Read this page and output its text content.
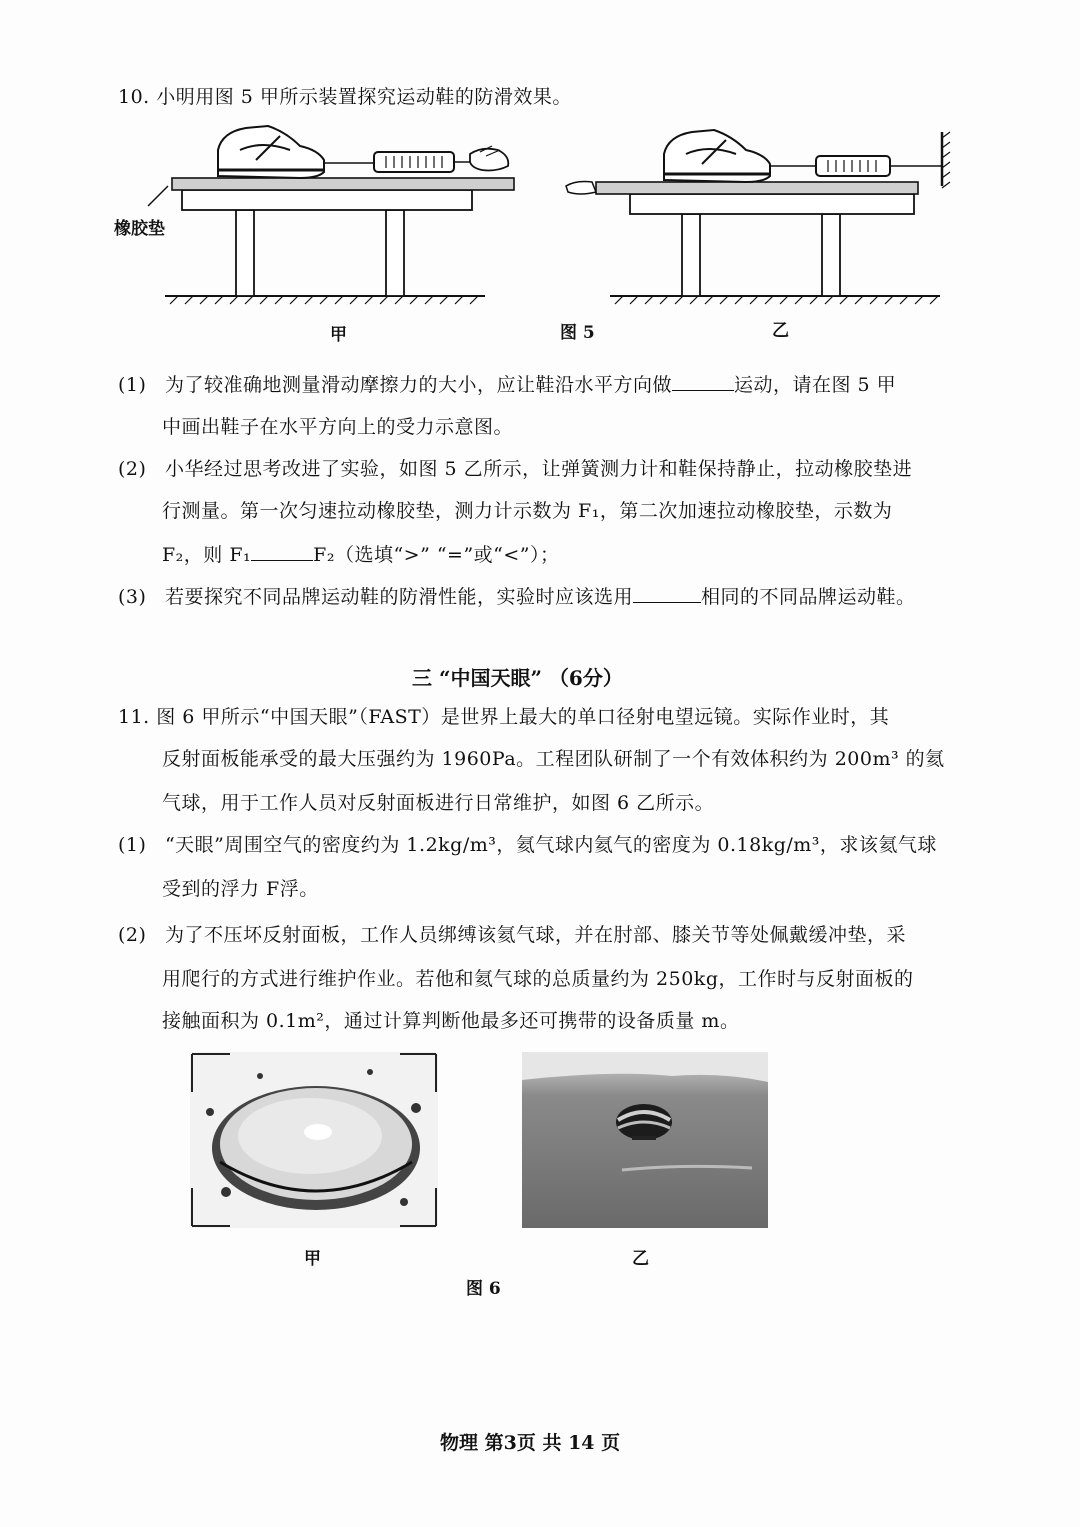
10. 小明用图 5 甲所示装置探究运动鞋的防滑效果。
橡胶垫
甲	图 5	乙
(1) 为了较准确地测量滑动摩擦力的大小，应让鞋沿水平方向做	运动，请在图 5 甲
中画出鞋子在水平方向上的受力示意图。
(2) 小华经过思考改进了实验，如图 5 乙所示，让弹簧测力计和鞋保持静止，拉动橡胶垫进
行测量。第一次匀速拉动橡胶垫，测力计示数为 F₁，第二次加速拉动橡胶垫，示数为
F₂，则 F₁	F₂（选填“>” “=”或“<”）；
(3) 若要探究不同品牌运动鞋的防滑性能，实验时应该选用	相同的不同品牌运动鞋。
三 “中国天眼” （6分）
11. 图 6 甲所示“中国天眼”（FAST）是世界上最大的单口径射电望远镜。实际作业时，其
反射面板能承受的最大压强约为 1960Pa。工程团队研制了一个有效体积约为 200m³ 的氦
气球，用于工作人员对反射面板进行日常维护，如图 6 乙所示。
(1) “天眼”周围空气的密度约为 1.2kg/m³，氦气球内氦气的密度为 0.18kg/m³，求该氦气球
受到的浮力 F浮。
(2) 为了不压坏反射面板，工作人员绑缚该氦气球，并在肘部、膝关节等处佩戴缓冲垫，采
用爬行的方式进行维护作业。若他和氦气球的总质量约为 250kg，工作时与反射面板的
接触面积为 0.1m²，通过计算判断他最多还可携带的设备质量 m。
甲	乙
图 6
物理 第3页 共 14 页
